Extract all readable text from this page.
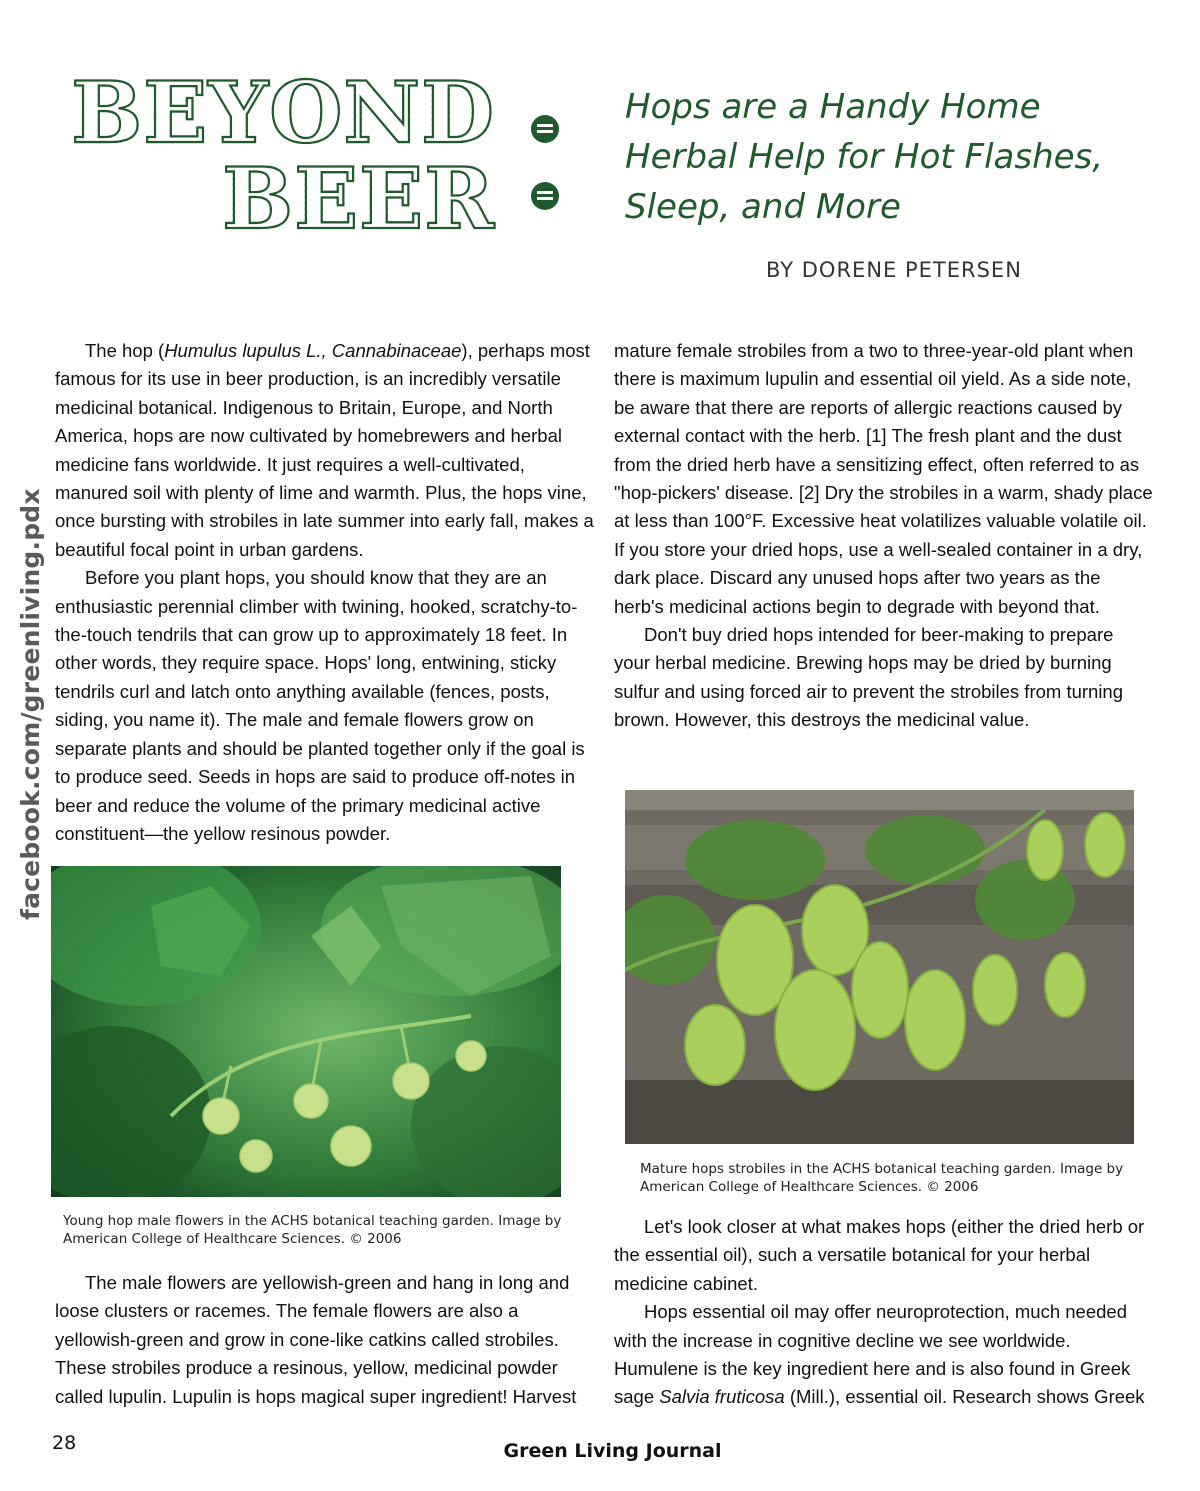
facebook.com/greenliving.pdx
BEYOND
BEER
Hops are a Handy Home Herbal Help for Hot Flashes, Sleep, and More
BY DORENE PETERSEN

The hop (Humulus lupulus L., Cannabinaceae), perhaps most famous for its use in beer production, is an incredibly versatile medicinal botanical. Indigenous to Britain, Europe, and North America, hops are now cultivated by homebrewers and herbal medicine fans worldwide. It just requires a well-cultivated, manured soil with plenty of lime and warmth. Plus, the hops vine, once bursting with strobiles in late summer into early fall, makes a beautiful focal point in urban gardens.

Before you plant hops, you should know that they are an enthusiastic perennial climber with twining, hooked, scratchy-to-the-touch tendrils that can grow up to approximately 18 feet. In other words, they require space. Hops' long, entwining, sticky tendrils curl and latch onto anything available (fences, posts, siding, you name it). The male and female flowers grow on separate plants and should be planted together only if the goal is to produce seed. Seeds in hops are said to produce off-notes in beer and reduce the volume of the primary medicinal active constituent—the yellow resinous powder.

mature female strobiles from a two to three-year-old plant when there is maximum lupulin and essential oil yield. As a side note, be aware that there are reports of allergic reactions caused by external contact with the herb. [1] The fresh plant and the dust from the dried herb have a sensitizing effect, often referred to as "hop-pickers' disease. [2] Dry the strobiles in a warm, shady place at less than 100°F. Excessive heat volatilizes valuable volatile oil. If you store your dried hops, use a well-sealed container in a dry, dark place. Discard any unused hops after two years as the herb's medicinal actions begin to degrade with beyond that.

Don't buy dried hops intended for beer-making to prepare your herbal medicine. Brewing hops may be dried by burning sulfur and using forced air to prevent the strobiles from turning brown. However, this destroys the medicinal value.

Young hop male flowers in the ACHS botanical teaching garden. Image by American College of Healthcare Sciences. © 2006
Mature hops strobiles in the ACHS botanical teaching garden. Image by American College of Healthcare Sciences. © 2006

The male flowers are yellowish-green and hang in long and loose clusters or racemes. The female flowers are also a yellowish-green and grow in cone-like catkins called strobiles. These strobiles produce a resinous, yellow, medicinal powder called lupulin. Lupulin is hops magical super ingredient! Harvest

Let's look closer at what makes hops (either the dried herb or the essential oil), such a versatile botanical for your herbal medicine cabinet.

Hops essential oil may offer neuroprotection, much needed with the increase in cognitive decline we see worldwide. Humulene is the key ingredient here and is also found in Greek sage Salvia fruticosa (Mill.), essential oil. Research shows Greek

28	Green Living Journal
